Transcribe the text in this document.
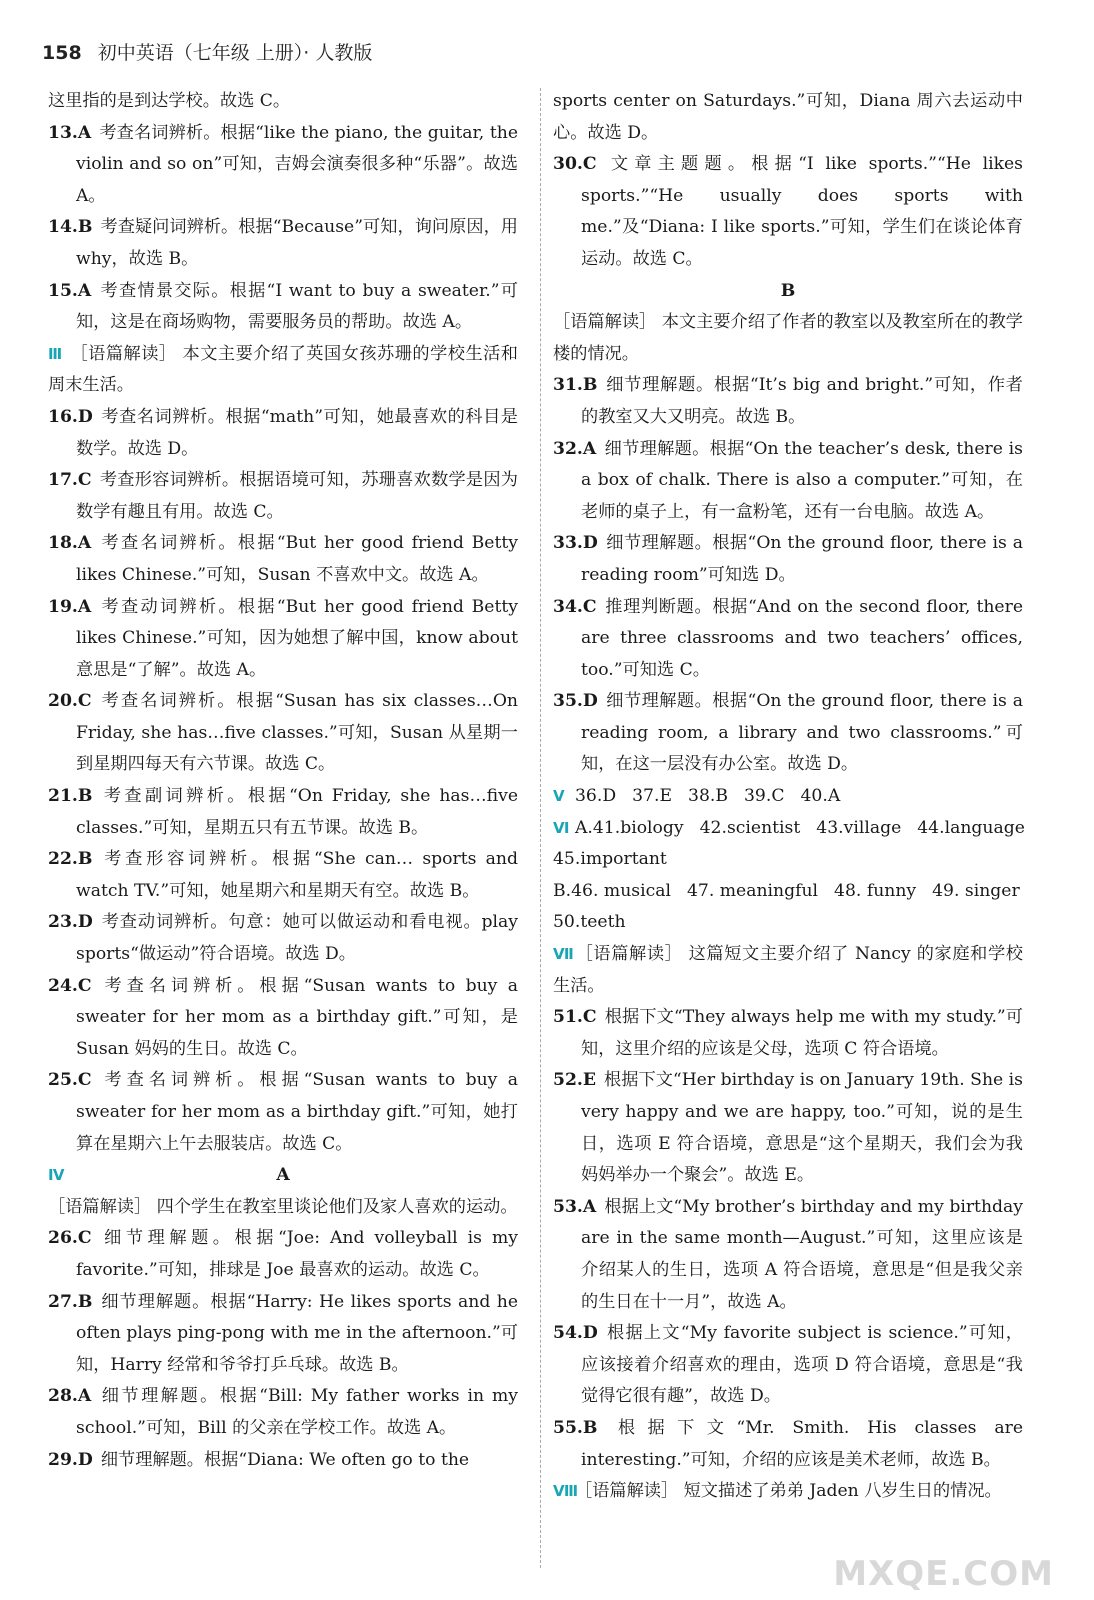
158 初中英语（七年级 上册）· 人教版
这里指的是到达学校。故选 C。
13.A 考查名词辨析。根据“like the piano, the guitar, the violin and so on”可知，吉姆会演奏很多种“乐器”。故选 A。
14.B 考查疑问词辨析。根据“Because”可知，询问原因，用 why，故选 B。
15.A 考查情景交际。根据“I want to buy a sweater.”可知，这是在商场购物，需要服务员的帮助。故选 A。
Ⅲ ［语篇解读］ 本文主要介绍了英国女孩苏珊的学校生活和周末生活。
16.D 考查名词辨析。根据“math”可知，她最喜欢的科目是数学。故选 D。
17.C 考查形容词辨析。根据语境可知，苏珊喜欢数学是因为数学有趣且有用。故选 C。
18.A 考查名词辨析。根据“But her good friend Betty likes Chinese.”可知，Susan 不喜欢中文。故选 A。
19.A 考查动词辨析。根据“But her good friend Betty likes Chinese.”可知，因为她想了解中国，know about 意思是“了解”。故选 A。
20.C 考查名词辨析。根据“Susan has six classes…On Friday, she has…five classes.”可知，Susan 从星期一到星期四每天有六节课。故选 C。
21.B 考查副词辨析。根据“On Friday, she has…five classes.”可知，星期五只有五节课。故选 B。
22.B 考查形容词辨析。根据“She can… sports and watch TV.”可知，她星期六和星期天有空。故选 B。
23.D 考查动词辨析。句意：她可以做运动和看电视。play sports“做运动”符合语境。故选 D。
24.C 考查名词辨析。根据“Susan wants to buy a sweater for her mom as a birthday gift.”可知，是 Susan 妈妈的生日。故选 C。
25.C 考查名词辨析。根据“Susan wants to buy a sweater for her mom as a birthday gift.”可知，她打算在星期六上午去服装店。故选 C。
Ⅳ	A
［语篇解读］ 四个学生在教室里谈论他们及家人喜欢的运动。
26.C 细节理解题。根据“Joe: And volleyball is my favorite.”可知，排球是 Joe 最喜欢的运动。故选 C。
27.B 细节理解题。根据“Harry: He likes sports and he often plays ping-pong with me in the afternoon.”可知，Harry 经常和爷爷打乒乓球。故选 B。
28.A 细节理解题。根据“Bill: My father works in my school.”可知，Bill 的父亲在学校工作。故选 A。
29.D 细节理解题。根据“Diana: We often go to the
sports center on Saturdays.”可知，Diana 周六去运动中心。故选 D。
30.C 文章主题题。根据“I like sports.”“He likes sports.”“He usually does sports with me.”及“Diana: I like sports.”可知，学生们在谈论体育运动。故选 C。
B
［语篇解读］ 本文主要介绍了作者的教室以及教室所在的教学楼的情况。
31.B 细节理解题。根据“It’s big and bright.”可知，作者的教室又大又明亮。故选 B。
32.A 细节理解题。根据“On the teacher’s desk, there is a box of chalk. There is also a computer.”可知，在老师的桌子上，有一盒粉笔，还有一台电脑。故选 A。
33.D 细节理解题。根据“On the ground floor, there is a reading room”可知选 D。
34.C 推理判断题。根据“And on the second floor, there are three classrooms and two teachers’ offices, too.”可知选 C。
35.D 细节理解题。根据“On the ground floor, there is a reading room, a library and two classrooms.”可知，在这一层没有办公室。故选 D。
Ⅴ 36.D 37.E 38.B 39.C 40.A
Ⅵ A.41.biology 42.scientist 43.village 44.language
45.important
B.46. musical 47. meaningful 48. funny 49. singer
50.teeth
Ⅶ［语篇解读］ 这篇短文主要介绍了 Nancy 的家庭和学校生活。
51.C 根据下文“They always help me with my study.”可知，这里介绍的应该是父母，选项 C 符合语境。
52.E 根据下文“Her birthday is on January 19th. She is very happy and we are happy, too.”可知，说的是生日，选项 E 符合语境，意思是“这个星期天，我们会为我妈妈举办一个聚会”。故选 E。
53.A 根据上文“My brother’s birthday and my birthday are in the same month—August.”可知，这里应该是介绍某人的生日，选项 A 符合语境，意思是“但是我父亲的生日在十一月”，故选 A。
54.D 根据上文“My favorite subject is science.”可知，应该接着介绍喜欢的理由，选项 D 符合语境，意思是“我觉得它很有趣”，故选 D。
55.B 根据下文“Mr. Smith. His classes are interesting.”可知，介绍的应该是美术老师，故选 B。
Ⅷ［语篇解读］ 短文描述了弟弟 Jaden 八岁生日的情况。
MXQE.COM
